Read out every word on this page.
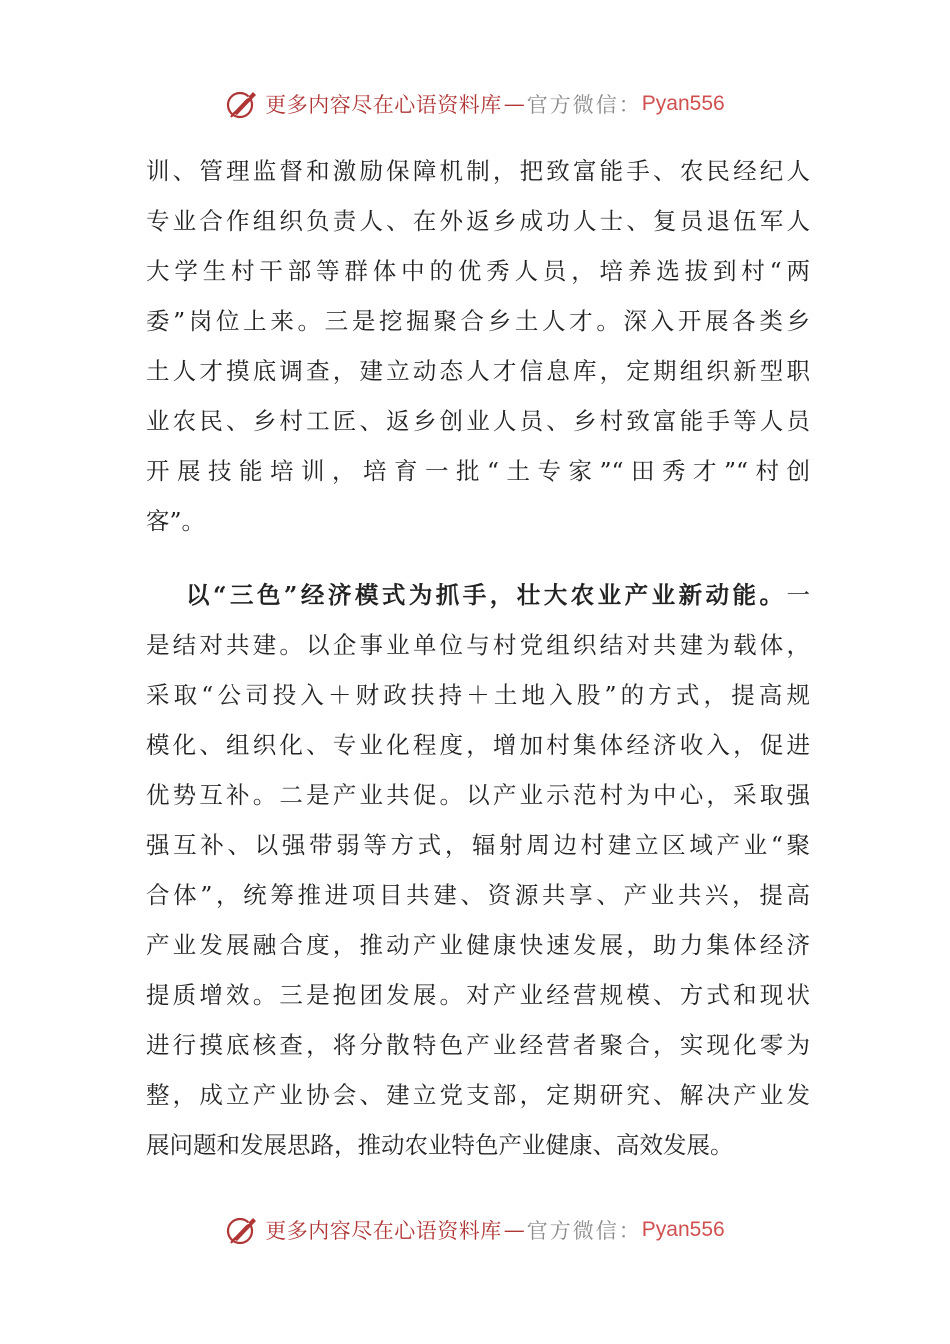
更多内容尽在心语资料库 — 官方微信： Pyan556
训、管理监督和激励保障机制，把致富能手、农民经纪人
专业合作组织负责人、在外返乡成功人士、复员退伍军人
大学生村干部等群体中的优秀人员，培养选拔到村“两
委”岗位上来。三是挖掘聚合乡土人才。深入开展各类乡
土人才摸底调查，建立动态人才信息库，定期组织新型职
业农民、乡村工匠、返乡创业人员、乡村致富能手等人员
开展技能培训，培育一批“土专家”“田秀才”“村创
客”。
以“三色”经济模式为抓手，壮大农业产业新动能。一
是结对共建。以企事业单位与村党组织结对共建为载体，
采取“公司投入＋财政扶持＋土地入股”的方式，提高规
模化、组织化、专业化程度，增加村集体经济收入，促进
优势互补。二是产业共促。以产业示范村为中心，采取强
强互补、以强带弱等方式，辐射周边村建立区域产业“聚
合体”，统筹推进项目共建、资源共享、产业共兴，提高
产业发展融合度，推动产业健康快速发展，助力集体经济
提质增效。三是抱团发展。对产业经营规模、方式和现状
进行摸底核查，将分散特色产业经营者聚合，实现化零为
整，成立产业协会、建立党支部，定期研究、解决产业发
展问题和发展思路，推动农业特色产业健康、高效发展。
更多内容尽在心语资料库 — 官方微信： Pyan556
